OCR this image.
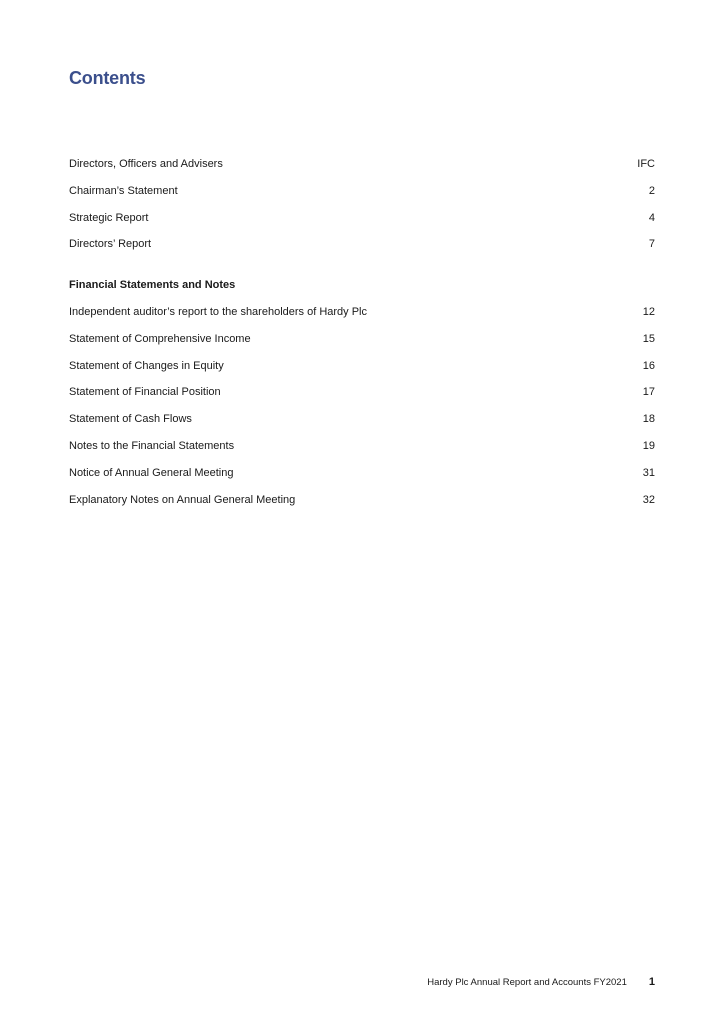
Contents
Directors, Officers and Advisers	IFC
Chairman’s Statement	2
Strategic Report	4
Directors’ Report	7
Financial Statements and Notes
Independent auditor’s report to the shareholders of Hardy Plc	12
Statement of Comprehensive Income	15
Statement of Changes in Equity	16
Statement of Financial Position	17
Statement of Cash Flows	18
Notes to the Financial Statements	19
Notice of Annual General Meeting	31
Explanatory Notes on Annual General Meeting	32
Hardy Plc Annual Report and Accounts FY2021 1
